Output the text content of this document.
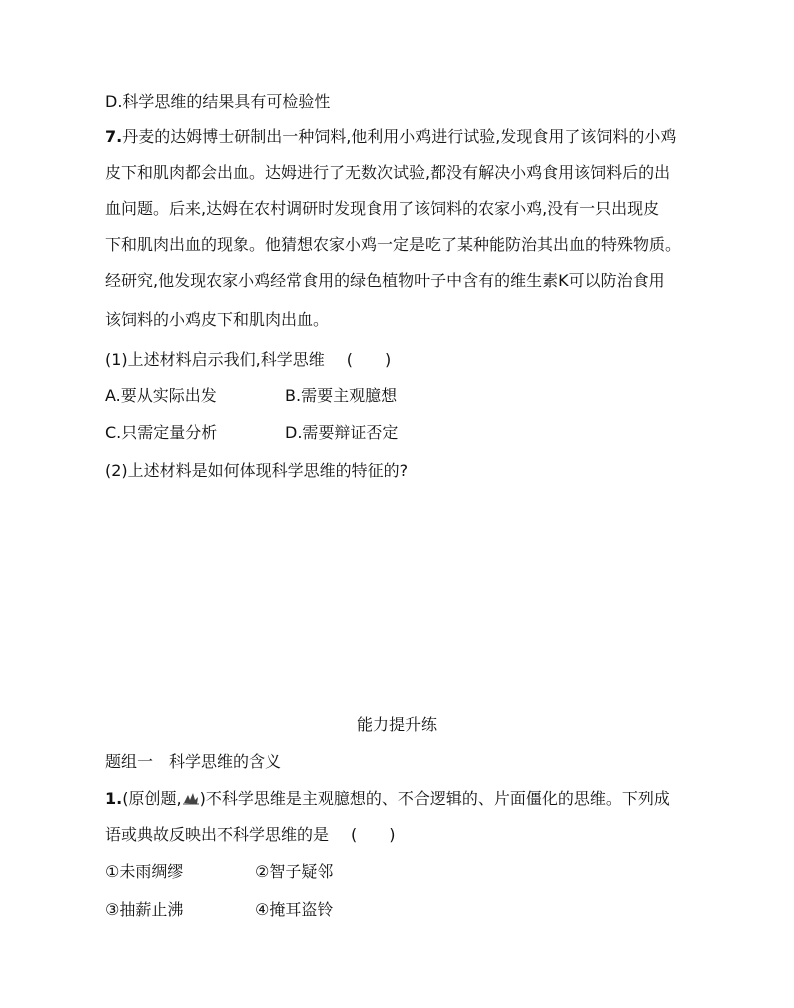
D.科学思维的结果具有可检验性
7.丹麦的达姆博士研制出一种饲料,他利用小鸡进行试验,发现食用了该饲料的小鸡
皮下和肌肉都会出血。达姆进行了无数次试验,都没有解决小鸡食用该饲料后的出
血问题。后来,达姆在农村调研时发现食用了该饲料的农家小鸡,没有一只出现皮
下和肌肉出血的现象。他猜想农家小鸡一定是吃了某种能防治其出血的特殊物质。
经研究,他发现农家小鸡经常食用的绿色植物叶子中含有的维生素K可以防治食用
该饲料的小鸡皮下和肌肉出血。
(1)上述材料启示我们,科学思维 (　　)
A.要从实际出发	B.需要主观臆想
C.只需定量分析	D.需要辩证否定
(2)上述材料是如何体现科学思维的特征的?
能力提升练
题组一　科学思维的含义
1.(原创题, )不科学思维是主观臆想的、不合逻辑的、片面僵化的思维。下列成
语或典故反映出不科学思维的是 (　　)
①未雨绸缪	②智子疑邻
③抽薪止沸	④掩耳盗铃
